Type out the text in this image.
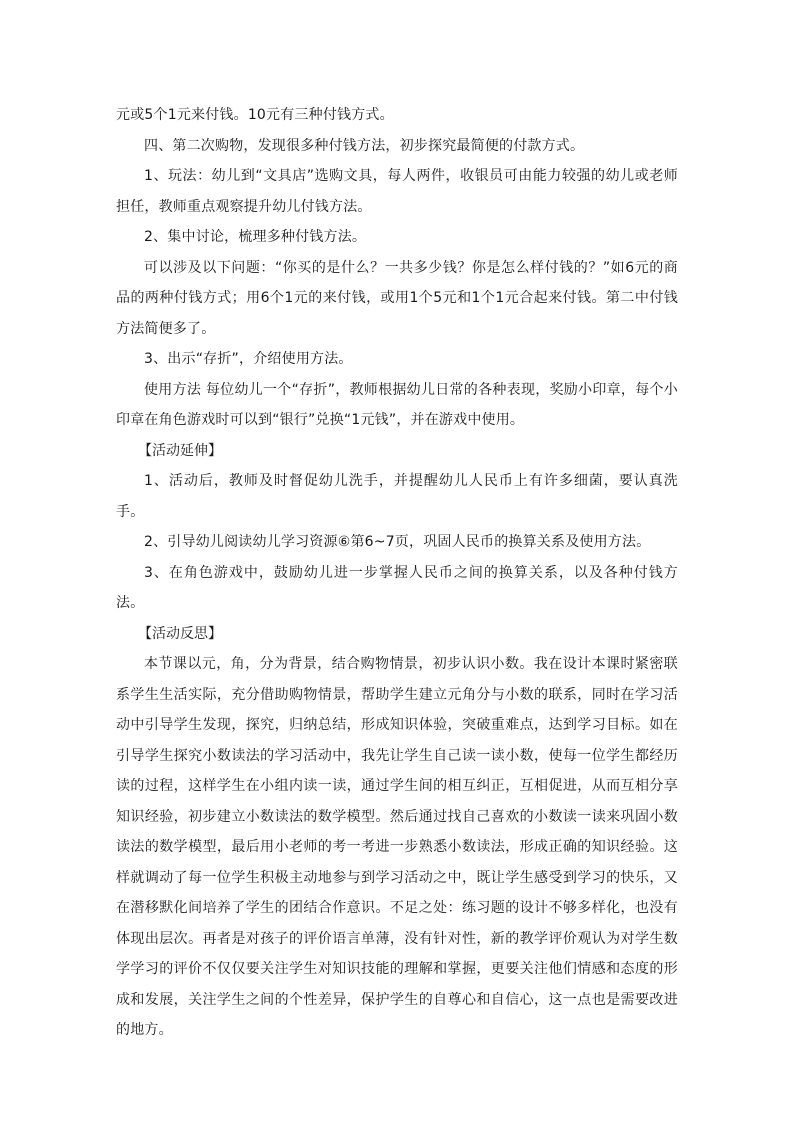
元或5个1元来付钱。10元有三种付钱方式。

四、第二次购物，发现很多种付钱方法，初步探究最简便的付款方式。

1、玩法：幼儿到“文具店”选购文具，每人两件，收银员可由能力较强的幼儿或老师担任，教师重点观察提升幼儿付钱方法。

2、集中讨论，梳理多种付钱方法。

可以涉及以下问题：“你买的是什么？一共多少钱？你是怎么样付钱的？”如6元的商品的两种付钱方式；用6个1元的来付钱，或用1个5元和1个1元合起来付钱。第二中付钱方法简便多了。

3、出示“存折”，介绍使用方法。

使用方法 每位幼儿一个“存折”，教师根据幼儿日常的各种表现，奖励小印章，每个小印章在角色游戏时可以到“银行”兑换“1元钱”，并在游戏中使用。

【活动延伸】

1、活动后，教师及时督促幼儿洗手，并提醒幼儿人民币上有许多细菌，要认真洗手。

2、引导幼儿阅读幼儿学习资源⑥第6~7页，巩固人民币的换算关系及使用方法。

3、在角色游戏中，鼓励幼儿进一步掌握人民币之间的换算关系，以及各种付钱方法。

【活动反思】

本节课以元，角，分为背景，结合购物情景，初步认识小数。我在设计本课时紧密联系学生生活实际，充分借助购物情景，帮助学生建立元角分与小数的联系，同时在学习活动中引导学生发现，探究，归纳总结，形成知识体验，突破重难点，达到学习目标。如在引导学生探究小数读法的学习活动中，我先让学生自己读一读小数，使每一位学生都经历读的过程，这样学生在小组内读一读，通过学生间的相互纠正，互相促进，从而互相分享知识经验，初步建立小数读法的数学模型。然后通过找自己喜欢的小数读一读来巩固小数读法的数学模型，最后用小老师的考一考进一步熟悉小数读法，形成正确的知识经验。这样就调动了每一位学生积极主动地参与到学习活动之中，既让学生感受到学习的快乐，又在潜移默化间培养了学生的团结合作意识。不足之处：练习题的设计不够多样化，也没有体现出层次。再者是对孩子的评价语言单薄，没有针对性，新的教学评价观认为对学生数学学习的评价不仅仅要关注学生对知识技能的理解和掌握，更要关注他们情感和态度的形成和发展，关注学生之间的个性差异，保护学生的自尊心和自信心，这一点也是需要改进的地方。
